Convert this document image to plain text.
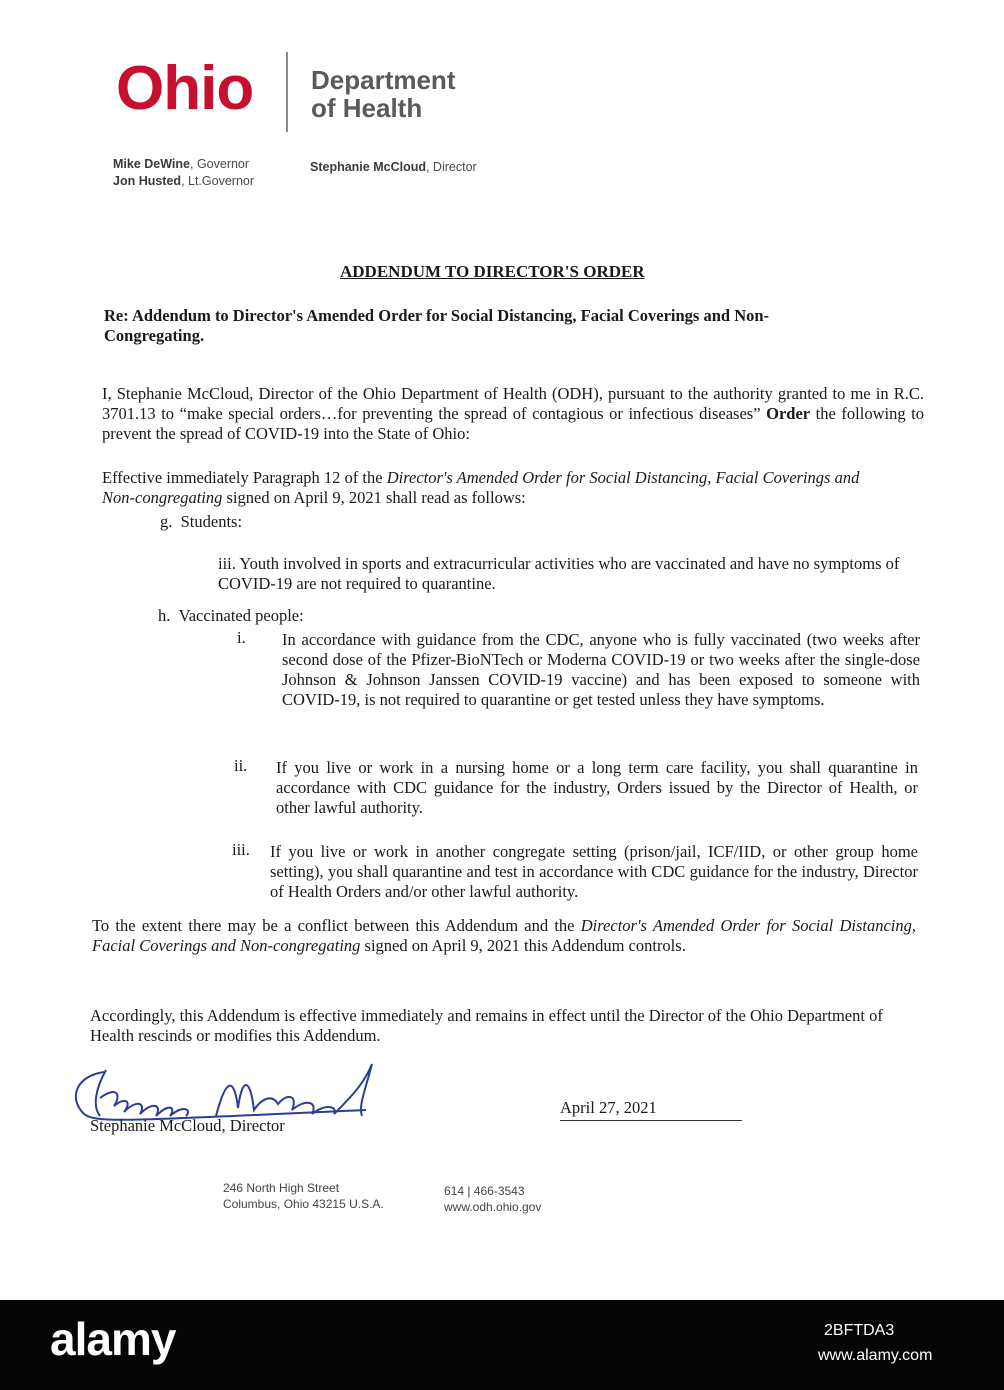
Ohio Department
of Health
Mike DeWine, Governor
Jon Husted, Lt.Governor
Stephanie McCloud, Director
ADDENDUM TO DIRECTOR'S ORDER
Re: Addendum to Director's Amended Order for Social Distancing, Facial Coverings and Non-
Congregating.
I, Stephanie McCloud, Director of the Ohio Department of Health (ODH), pursuant to the authority granted to me in R.C. 3701.13 to “make special orders…for preventing the spread of contagious or infectious diseases” Order the following to prevent the spread of COVID-19 into the State of Ohio:
Effective immediately Paragraph 12 of the Director's Amended Order for Social Distancing, Facial Coverings and Non-congregating signed on April 9, 2021 shall read as follows:
g. Students:
iii. Youth involved in sports and extracurricular activities who are vaccinated and have no symptoms of COVID-19 are not required to quarantine.
h. Vaccinated people:
i. In accordance with guidance from the CDC, anyone who is fully vaccinated (two weeks after second dose of the Pfizer-BioNTech or Moderna COVID-19 or two weeks after the single-dose Johnson & Johnson Janssen COVID-19 vaccine) and has been exposed to someone with COVID-19, is not required to quarantine or get tested unless they have symptoms.
ii. If you live or work in a nursing home or a long term care facility, you shall quarantine in accordance with CDC guidance for the industry, Orders issued by the Director of Health, or other lawful authority.
iii. If you live or work in another congregate setting (prison/jail, ICF/IID, or other group home setting), you shall quarantine and test in accordance with CDC guidance for the industry, Director of Health Orders and/or other lawful authority.
To the extent there may be a conflict between this Addendum and the Director's Amended Order for Social Distancing, Facial Coverings and Non-congregating signed on April 9, 2021 this Addendum controls.
Accordingly, this Addendum is effective immediately and remains in effect until the Director of the Ohio Department of Health rescinds or modifies this Addendum.
Stephanie McCloud, Director
April 27, 2021
246 North High Street
Columbus, Ohio 43215 U.S.A.
614 | 466-3543
www.odh.ohio.gov
alamy	2BFTDA3
www.alamy.com
